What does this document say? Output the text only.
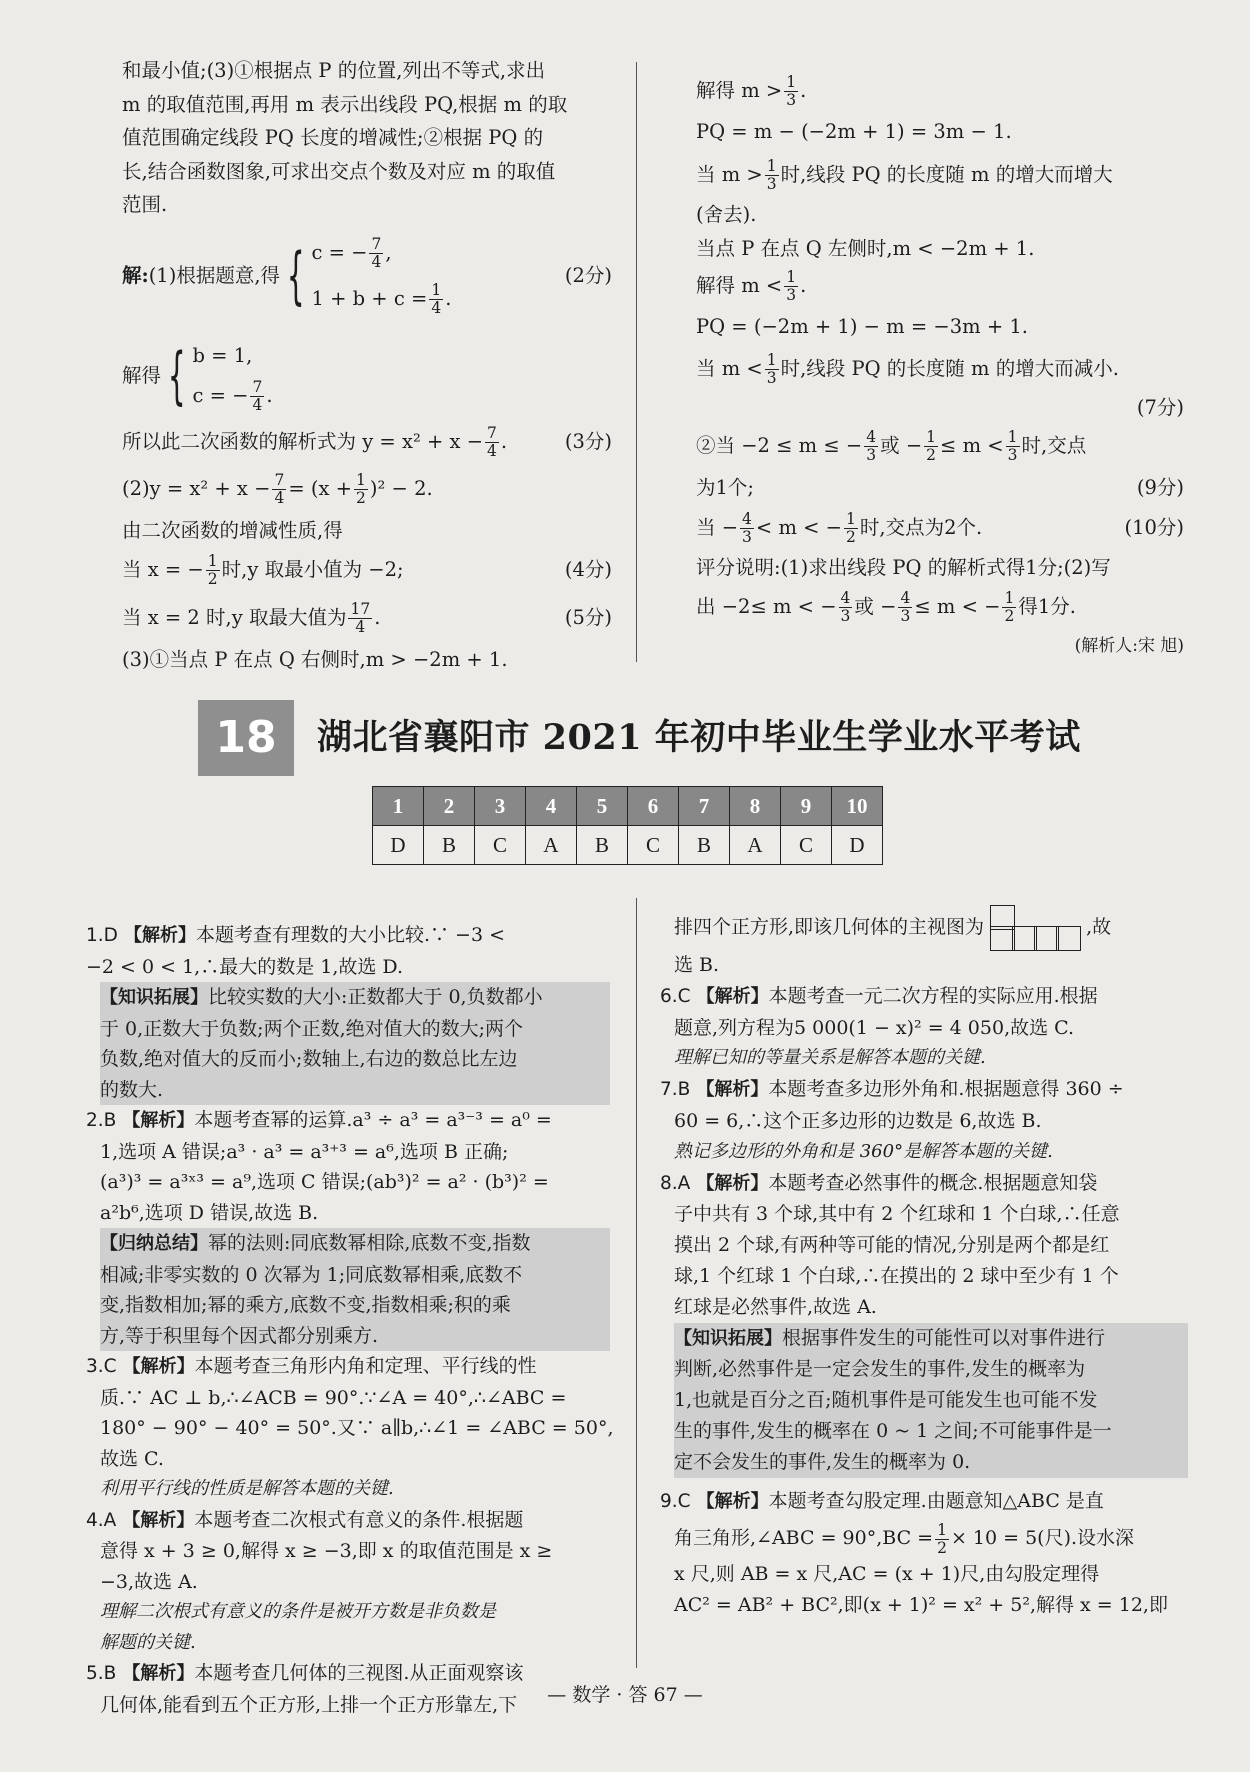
和最小值;(3)①根据点 P 的位置,列出不等式,求出
m 的取值范围,再用 m 表示出线段 PQ,根据 m 的取
值范围确定线段 PQ 长度的增减性;②根据 PQ 的
长,结合函数图象,可求出交点个数及对应 m 的取值
范围.
解: (1)根据题意,得 { c = − $\frac{7}{4}$ ,
$1 + b + c = \frac{1}{4}$ .
(2分)
解得 { b = 1,
c = − $\frac{7}{4}$ .
所以此二次函数的解析式为 $y = x^2 + x - \frac{7}{4}$ .	(3分)
$(2)y = x^2 + x - \frac{7}{4} = (x + \frac{1}{2} )^2 - 2$.
由二次函数的增减性质,得
当 x = − $\frac{1}{2}$ 时,y 取最小值为 −2;	(4分)
当 x = 2 时,y 取最大值为 $\frac{17}{4}$ .	(5分)
(3)①当点 P 在点 Q 右侧时,m > −2m + 1.
解得 $m > \frac{1}{3}$ .
PQ = m − (−2m + 1) = 3m − 1.
当 $m > \frac{1}{3}$ 时,线段 PQ 的长度随 m 的增大而增大
(舍去).
当点 P 在点 Q 左侧时,m < −2m + 1.
解得 $m < \frac{1}{3}$ .
PQ = (−2m + 1) − m = −3m + 1.
当 $m < \frac{1}{3}$ 时,线段 PQ 的长度随 m 的增大而减小.
(7分)
②当 −2 ≤ m ≤ − $\frac{4}{3}$ 或 − $\frac{1}{2} \le m < \frac{1}{3}$ 时,交点
为1个;	(9分)
当 − $\frac{4}{3} < m$ < − $\frac{1}{2}$ 时,交点为2个.	(10分)
评分说明:(1)求出线段 PQ 的解析式得1分;(2)写
出 −2≤ m < − $\frac{4}{3}$ 或 − $\frac{4}{3} \le m$ < − $\frac{1}{2}$ 得1分.
(解析人:宋 旭)
18	湖北省襄阳市 2021 年初中毕业生学业水平考试
1	2	3	4	5	6	7	8	9	10
D	B	C	A	B	C	B	A	C	D
1.D 【解析】本题考查有理数的大小比较.∵ −3 <
−2 < 0 < 1,∴最大的数是 1,故选 D.
【知识拓展】比较实数的大小:正数都大于 0,负数都小
于 0,正数大于负数;两个正数,绝对值大的数大;两个
负数,绝对值大的反而小;数轴上,右边的数总比左边
的数大.
2.B 【解析】本题考查幂的运算.a³ ÷ a³ = a³⁻³ = a⁰ =
1,选项 A 错误;a³ · a³ = a³⁺³ = a⁶,选项 B 正确;
(a³)³ = a³ˣ³ = a⁹,选项 C 错误;(ab³)² = a² · (b³)² =
a²b⁶,选项 D 错误,故选 B.
【归纳总结】幂的法则:同底数幂相除,底数不变,指数
相减;非零实数的 0 次幂为 1;同底数幂相乘,底数不
变,指数相加;幂的乘方,底数不变,指数相乘;积的乘
方,等于积里每个因式都分别乘方.
3.C 【解析】本题考查三角形内角和定理、平行线的性
质.∵ AC ⊥ b,∴∠ACB = 90°.∵∠A = 40°,∴∠ABC =
180° − 90° − 40° = 50°.又∵ a∥b,∴∠1 = ∠ABC = 50°,
故选 C.
利用平行线的性质是解答本题的关键.
4.A 【解析】本题考查二次根式有意义的条件.根据题
意得 x + 3 ≥ 0,解得 x ≥ −3,即 x 的取值范围是 x ≥
−3,故选 A.
理解二次根式有意义的条件是被开方数是非负数是
解题的关键.
5.B 【解析】本题考查几何体的三视图.从正面观察该
几何体,能看到五个正方形,上排一个正方形靠左,下
排四个正方形,即该几何体的主视图为	,故
选 B.
6.C 【解析】本题考查一元二次方程的实际应用.根据
题意,列方程为5 000(1 − x)² = 4 050,故选 C.
理解已知的等量关系是解答本题的关键.
7.B 【解析】本题考查多边形外角和.根据题意得 360 ÷
60 = 6,∴这个正多边形的边数是 6,故选 B.
熟记多边形的外角和是 360°是解答本题的关键.
8.A 【解析】本题考查必然事件的概念.根据题意知袋
子中共有 3 个球,其中有 2 个红球和 1 个白球,∴任意
摸出 2 个球,有两种等可能的情况,分别是两个都是红
球,1 个红球 1 个白球,∴在摸出的 2 球中至少有 1 个
红球是必然事件,故选 A.
【知识拓展】根据事件发生的可能性可以对事件进行
判断,必然事件是一定会发生的事件,发生的概率为
1,也就是百分之百;随机事件是可能发生也可能不发
生的事件,发生的概率在 0 ~ 1 之间;不可能事件是一
定不会发生的事件,发生的概率为 0.
9.C 【解析】本题考查勾股定理.由题意知△ABC 是直
角三角形,∠ABC = $90^\circ,BC = \frac{1}{2} \times 10 = 5$(尺).设水深
x 尺,则 AB = x 尺,AC = (x + 1)尺,由勾股定理得
AC² = AB² + BC²,即(x + 1)² = x² + 5²,解得 x = 12,即
— 数学 · 答 67 —
